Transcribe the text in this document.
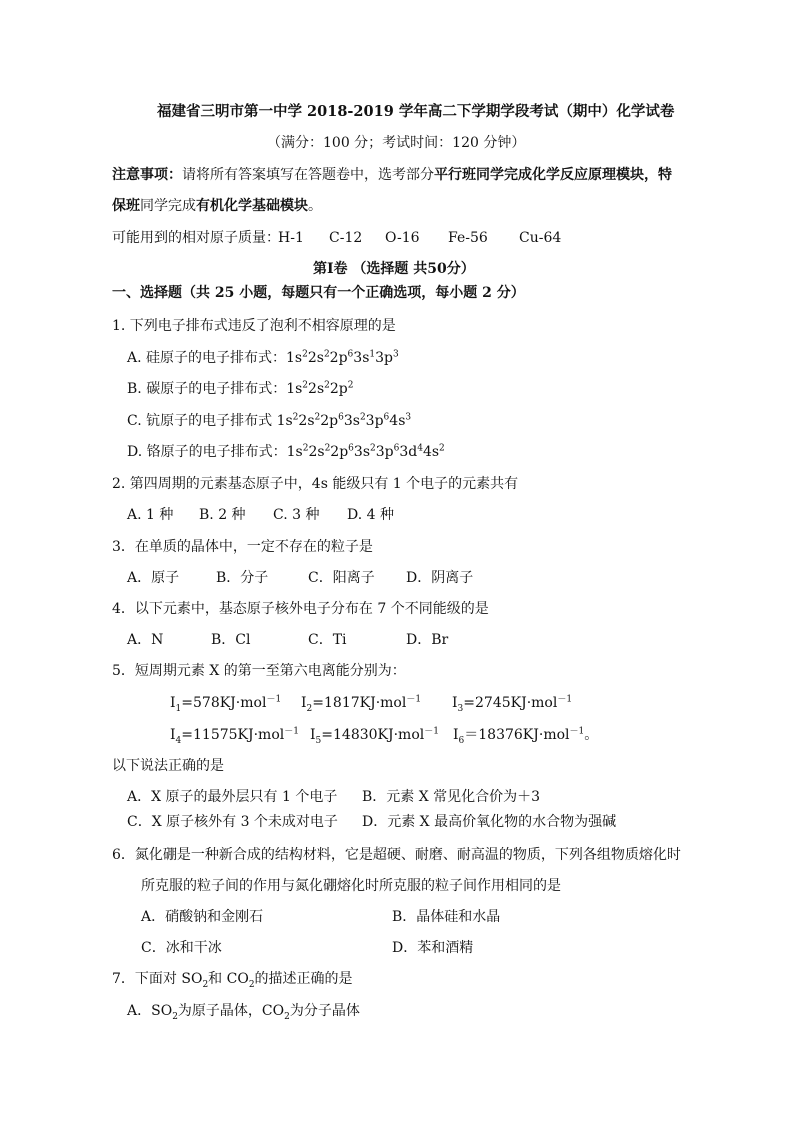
福建省三明市第一中学 2018-2019 学年高二下学期学段考试（期中）化学试卷
（满分：100 分；考试时间：120 分钟）
注意事项：请将所有答案填写在答题卷中，选考部分平行班同学完成化学反应原理模块，特
保班同学完成有机化学基础模块。
可能用到的相对原子质量：
H-1 C-12 O-16 Fe-56 Cu-64
第Ⅰ卷 （选择题 共50分）
一、选择题（共 25 小题，每题只有一个正确选项，每小题 2 分）
1. 下列电子排布式违反了泡利不相容原理的是
A. 硅原子的电子排布式：$1s^22s^22p^63s^13p^3$
B. 碳原子的电子排布式：$1s^22s^22p^2$
C. 钪原子的电子排布式 $1s^22s^22p^63s^23p^64s^3$
D. 铬原子的电子排布式：$1s^22s^22p^63s^23p^63d^44s^2$
2. 第四周期的元素基态原子中，4s 能级只有 1 个电子的元素共有
A. 1 种 B. 2 种 C. 3 种 D. 4 种
3．在单质的晶体中，一定不存在的粒子是
A．原子	B．分子	C．阳离子 D．阴离子
4．以下元素中，基态原子核外电子分布在 7 个不同能级的是
A．N	B．Cl	C．Ti	D．Br
5．短周期元素 X 的第一至第六电离能分别为：
$I_1=578KJ\cdot mol^{-1}$ $I_2=1817KJ\cdot mol^{-1}$ $I_3=2745KJ\cdot mol^{-1}$
$I_4=11575KJ\cdot mol^{-1}$ $I_5=14830KJ\cdot mol^{-1}$ $I_6=18376KJ\cdot mol^{-1}$。
以下说法正确的是
A．X 原子的最外层只有 1 个电子 B．元素 X 常见化合价为＋3
C．X 原子核外有 3 个未成对电子 D．元素 X 最高价氧化物的水合物为强碱
6．氮化硼是一种新合成的结构材料，它是超硬、耐磨、耐高温的物质，下列各组物质熔化时
所克服的粒子间的作用与氮化硼熔化时所克服的粒子间作用相同的是
A．硝酸钠和金刚石	B．晶体硅和水晶
C．冰和干冰	D．苯和酒精
7．下面对 $SO_2$和 $CO_2$的描述正确的是
A．$SO_2$为原子晶体，$CO_2$为分子晶体
